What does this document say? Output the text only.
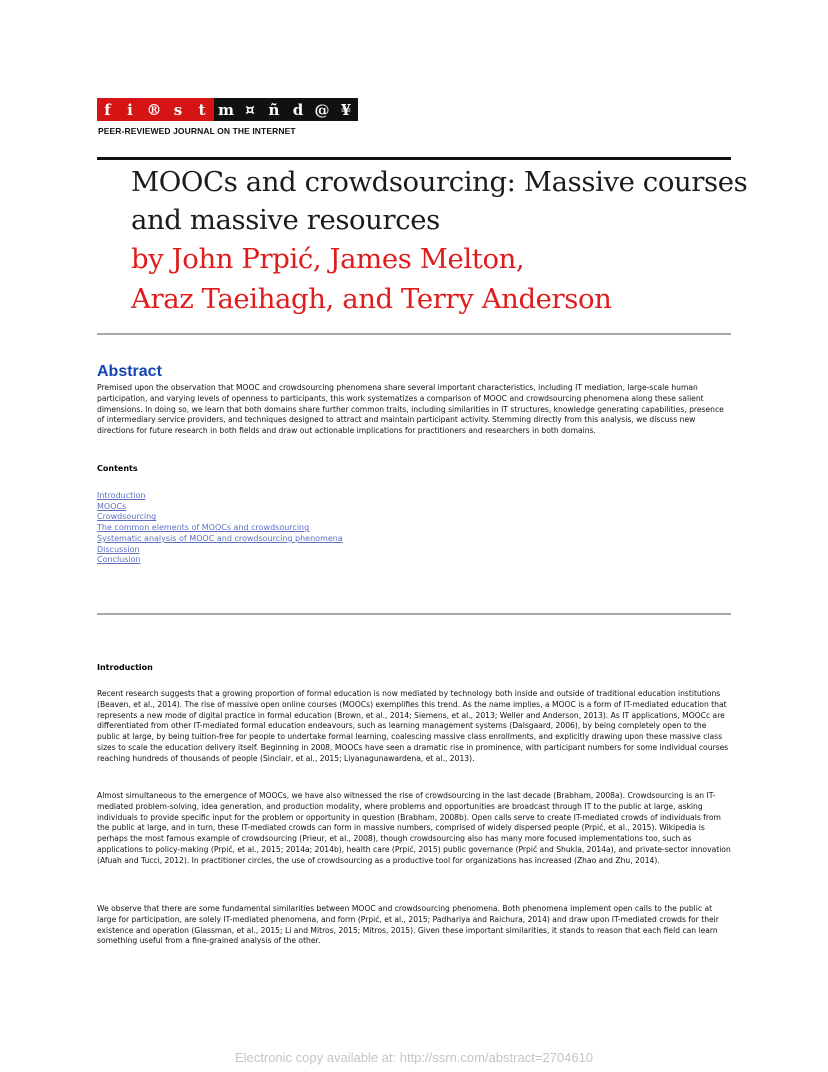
f	i ® s	t m ¤ ñ d @ ¥
PEER-REVIEWED JOURNAL ON THE INTERNET
MOOCs and crowdsourcing: Massive courses
and massive resources
by John Prpić, James Melton,
Araz Taeihagh, and Terry Anderson
Abstract

Premised upon the observation that MOOC and crowdsourcing phenomena share several important characteristics, including IT mediation, large-scale human participation, and varying levels of openness to participants, this work systematizes a comparison of MOOC and crowdsourcing phenomena along these salient dimensions. In doing so, we learn that both domains share further common traits, including similarities in IT structures, knowledge generating capabilities, presence of intermediary service providers, and techniques designed to attract and maintain participant activity. Stemming directly from this analysis, we discuss new directions for future research in both fields and draw out actionable implications for practitioners and researchers in both domains.

Contents
Introduction
MOOCs
Crowdsourcing
The common elements of MOOCs and crowdsourcing
Systematic analysis of MOOC and crowdsourcing phenomena
Discussion
Conclusion
Introduction

Recent research suggests that a growing proportion of formal education is now mediated by technology both inside and outside of traditional education institutions (Beaven, et al., 2014). The rise of massive open online courses (MOOCs) exemplifies this trend. As the name implies, a MOOC is a form of IT-mediated education that represents a new mode of digital practice in formal education (Brown, et al., 2014; Siemens, et al., 2013; Weller and Anderson, 2013). As IT applications, MOOCc are differentiated from other IT-mediated formal education endeavours, such as learning management systems (Dalsgaard, 2006), by being completely open to the public at large, by being tuition-free for people to undertake formal learning, coalescing massive class enrollments, and explicitly drawing upon these massive class sizes to scale the education delivery itself. Beginning in 2008, MOOCs have seen a dramatic rise in prominence, with participant numbers for some individual courses reaching hundreds of thousands of people (Sinclair, et al., 2015; Liyanagunawardena, et al., 2013).

Almost simultaneous to the emergence of MOOCs, we have also witnessed the rise of crowdsourcing in the last decade (Brabham, 2008a). Crowdsourcing is an IT-mediated problem-solving, idea generation, and production modality, where problems and opportunities are broadcast through IT to the public at large, asking individuals to provide specific input for the problem or opportunity in question (Brabham, 2008b). Open calls serve to create IT-mediated crowds of individuals from the public at large, and in turn, these IT-mediated crowds can form in massive numbers, comprised of widely dispersed people (Prpić, et al., 2015). Wikipedia is perhaps the most famous example of crowdsourcing (Prieur, et al., 2008), though crowdsourcing also has many more focused implementations too, such as applications to policy-making (Prpić, et al., 2015; 2014a; 2014b), health care (Prpić, 2015) public governance (Prpić and Shukla, 2014a), and private-sector innovation (Afuah and Tucci, 2012). In practitioner circles, the use of crowdsourcing as a productive tool for organizations has increased (Zhao and Zhu, 2014).

We observe that there are some fundamental similarities between MOOC and crowdsourcing phenomena. Both phenomena implement open calls to the public at large for participation, are solely IT-mediated phenomena, and form (Prpić, et al., 2015; Padhariya and Raichura, 2014) and draw upon IT-mediated crowds for their existence and operation (Glassman, et al., 2015; Li and Mitros, 2015; Mitros, 2015). Given these important similarities, it stands to reason that each field can learn something useful from a fine-grained analysis of the other.

Electronic copy available at: http://ssrn.com/abstract=2704610
